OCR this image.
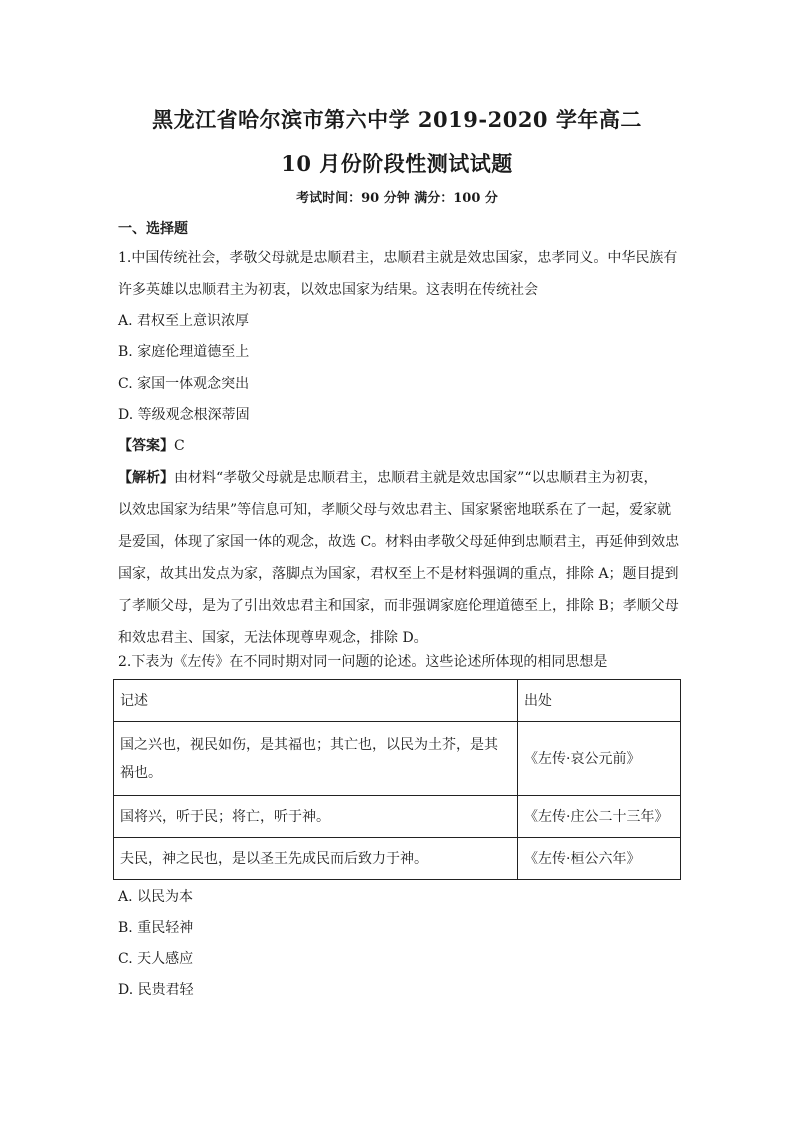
黑龙江省哈尔滨市第六中学 2019-2020 学年高二
10 月份阶段性测试试题
考试时间：90 分钟 满分：100 分
一、选择题
1.中国传统社会，孝敬父母就是忠顺君主，忠顺君主就是效忠国家，忠孝同义。中华民族有
许多英雄以忠顺君主为初衷，以效忠国家为结果。这表明在传统社会
A. 君权至上意识浓厚
B. 家庭伦理道德至上
C. 家国一体观念突出
D. 等级观念根深蒂固
【答案】C
【解析】由材料“孝敬父母就是忠顺君主，忠顺君主就是效忠国家”“以忠顺君主为初衷，
以效忠国家为结果”等信息可知，孝顺父母与效忠君主、国家紧密地联系在了一起，爱家就
是爱国，体现了家国一体的观念，故选 C。材料由孝敬父母延伸到忠顺君主，再延伸到效忠
国家，故其出发点为家，落脚点为国家，君权至上不是材料强调的重点，排除 A；题目提到
了孝顺父母，是为了引出效忠君主和国家，而非强调家庭伦理道德至上，排除 B；孝顺父母
和效忠君主、国家，无法体现尊卑观念，排除 D。
2.下表为《左传》在不同时期对同一问题的论述。这些论述所体现的相同思想是
记述	出处
国之兴也，视民如伤，是其福也；其亡也，以民为土芥，是其祸也。	《左传·哀公元前》
国将兴，听于民；将亡，听于神。	《左传·庄公二十三年》
夫民，神之民也，是以圣王先成民而后致力于神。	《左传·桓公六年》
A. 以民为本
B. 重民轻神
C. 天人感应
D. 民贵君轻
